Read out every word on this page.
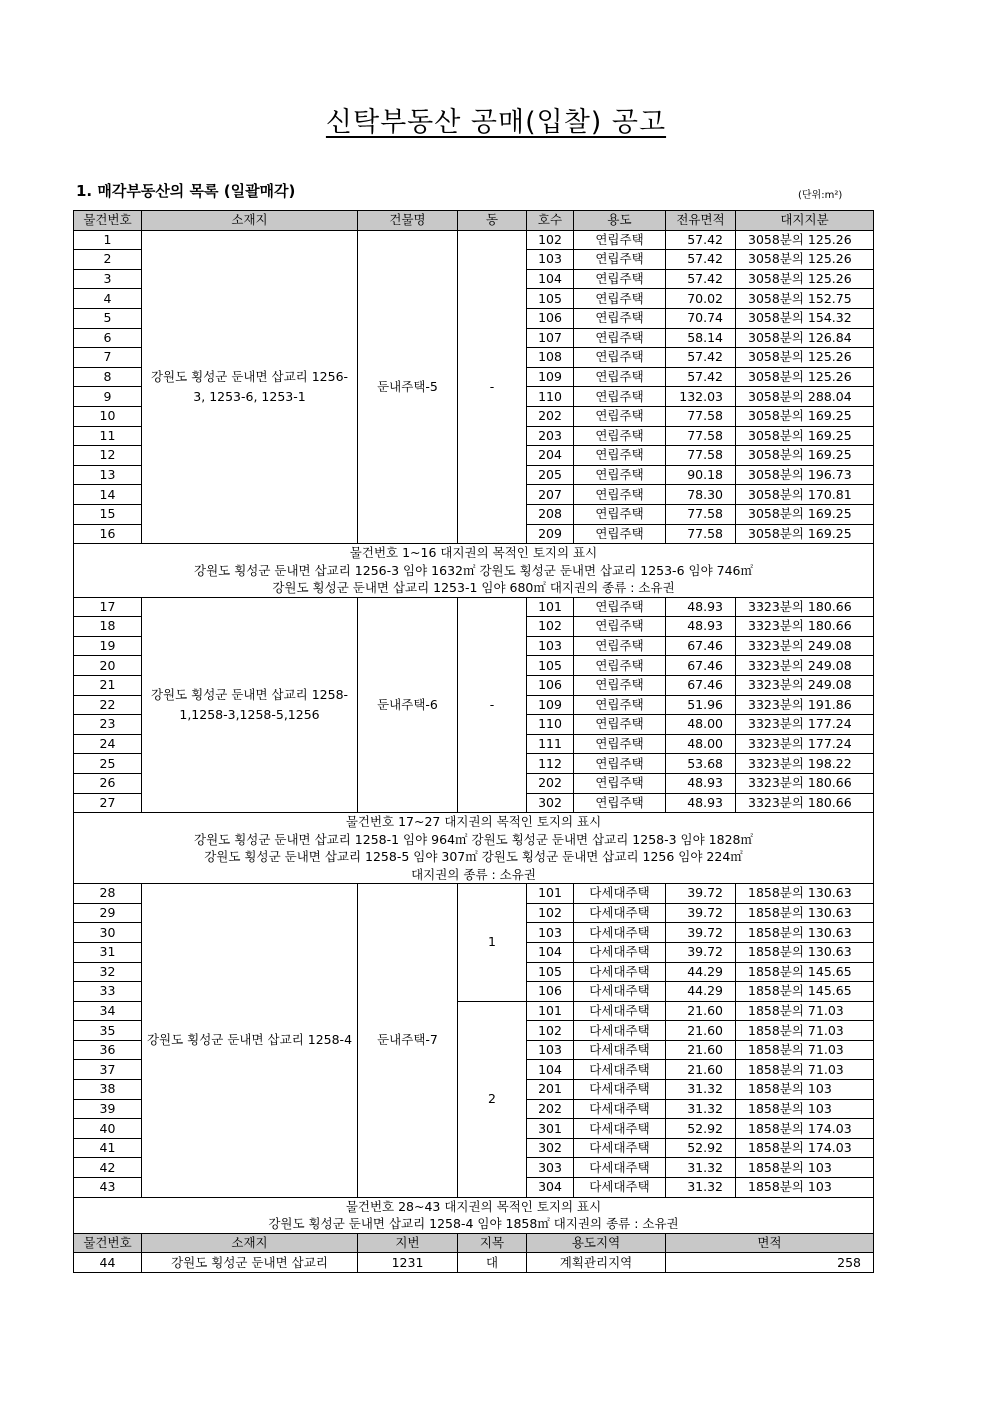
신탁부동산 공매(입찰) 공고
1. 매각부동산의 목록 (일괄매각)	(단위:m²)
물건번호	소재지	건물명	동	호수	용도	전유면적	대지지분
1	강원도 횡성군 둔내면 삽교리 1256-3, 1253-6, 1253-1	둔내주택-5	-	102	연립주택	57.42	3058분의 125.26
2				103	연립주택	57.42	3058분의 125.26
3				104	연립주택	57.42	3058분의 125.26
4				105	연립주택	70.02	3058분의 152.75
5				106	연립주택	70.74	3058분의 154.32
6				107	연립주택	58.14	3058분의 126.84
7				108	연립주택	57.42	3058분의 125.26
8				109	연립주택	57.42	3058분의 125.26
9				110	연립주택	132.03	3058분의 288.04
10				202	연립주택	77.58	3058분의 169.25
11				203	연립주택	77.58	3058분의 169.25
12				204	연립주택	77.58	3058분의 169.25
13				205	연립주택	90.18	3058분의 196.73
14				207	연립주택	78.30	3058분의 170.81
15				208	연립주택	77.58	3058분의 169.25
16				209	연립주택	77.58	3058분의 169.25

물건번호 1~16 대지권의 목적인 토지의 표시
강원도 횡성군 둔내면 삽교리 1256-3 임야 1632㎡ 강원도 횡성군 둔내면 삽교리 1253-6 임야 746㎡
강원도 횡성군 둔내면 삽교리 1253-1 임야 680㎡ 대지권의 종류 : 소유권							

17	강원도 횡성군 둔내면 삽교리 1258-1,1258-3,1258-5,1256	둔내주택-6	-	101	연립주택	48.93	3323분의 180.66
18				102	연립주택	48.93	3323분의 180.66
19				103	연립주택	67.46	3323분의 249.08
20				105	연립주택	67.46	3323분의 249.08
21				106	연립주택	67.46	3323분의 249.08
22				109	연립주택	51.96	3323분의 191.86
23				110	연립주택	48.00	3323분의 177.24
24				111	연립주택	48.00	3323분의 177.24
25				112	연립주택	53.68	3323분의 198.22
26				202	연립주택	48.93	3323분의 180.66
27				302	연립주택	48.93	3323분의 180.66

물건번호 17~27 대지권의 목적인 토지의 표시
강원도 횡성군 둔내면 삽교리 1258-1 임야 964㎡ 강원도 횡성군 둔내면 삽교리 1258-3 임야 1828㎡
강원도 횡성군 둔내면 삽교리 1258-5 임야 307㎡ 강원도 횡성군 둔내면 삽교리 1256 임야 224㎡
대지권의 종류 : 소유권							

28	강원도 횡성군 둔내면 삽교리 1258-4	둔내주택-7	1	101	다세대주택	39.72	1858분의 130.63
29				102	다세대주택	39.72	1858분의 130.63
30				103	다세대주택	39.72	1858분의 130.63
31				104	다세대주택	39.72	1858분의 130.63
32				105	다세대주택	44.29	1858분의 145.65
33				106	다세대주택	44.29	1858분의 145.65
34			2	101	다세대주택	21.60	1858분의 71.03
35				102	다세대주택	21.60	1858분의 71.03
36				103	다세대주택	21.60	1858분의 71.03
37				104	다세대주택	21.60	1858분의 71.03
38				201	다세대주택	31.32	1858분의 103
39				202	다세대주택	31.32	1858분의 103
40				301	다세대주택	52.92	1858분의 174.03
41				302	다세대주택	52.92	1858분의 174.03
42				303	다세대주택	31.32	1858분의 103
43				304	다세대주택	31.32	1858분의 103

물건번호 28~43 대지권의 목적인 토지의 표시
강원도 횡성군 둔내면 삽교리 1258-4 임야 1858㎡ 대지권의 종류 : 소유권							

물건번호	소재지	지번	지목	용도지역		면적	
44	강원도 횡성군 둔내면 삽교리	1231	대	계획관리지역		258	
